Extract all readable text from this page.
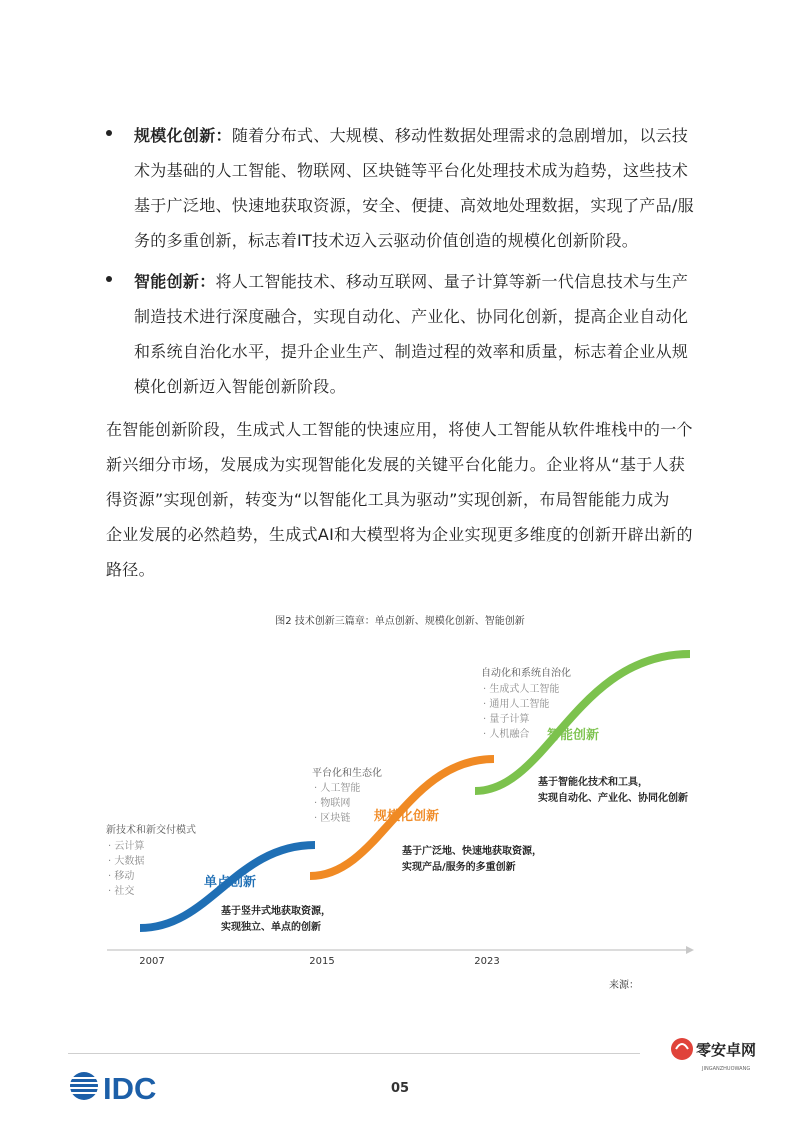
规模化创新：随着分布式、大规模、移动性数据处理需求的急剧增加，以云技
术为基础的人工智能、物联网、区块链等平台化处理技术成为趋势，这些技术
基于广泛地、快速地获取资源，安全、便捷、高效地处理数据，实现了产品/服
务的多重创新，标志着IT技术迈入云驱动价值创造的规模化创新阶段。
智能创新：将人工智能技术、移动互联网、量子计算等新一代信息技术与生产
制造技术进行深度融合，实现自动化、产业化、协同化创新，提高企业自动化
和系统自治化水平，提升企业生产、制造过程的效率和质量，标志着企业从规
模化创新迈入智能创新阶段。

在智能创新阶段，生成式人工智能的快速应用，将使人工智能从软件堆栈中的一个
新兴细分市场，发展成为实现智能化发展的关键平台化能力。企业将从“基于人获
得资源”实现创新，转变为“以智能化工具为驱动”实现创新，布局智能能力成为
企业发展的必然趋势，生成式AI和大模型将为企业实现更多维度的创新开辟出新的
路径。

图2 技术创新三篇章：单点创新、规模化创新、智能创新
2007	2015	2023
新技术和新交付模式
· 云计算
· 大数据
· 移动
· 社交
单点创新
基于竖井式地获取资源，
实现独立、单点的创新
平台化和生态化
· 人工智能
· 物联网
· 区块链 规模化创新
基于广泛地、快速地获取资源，
实现产品/服务的多重创新
自动化和系统自治化
· 生成式人工智能
· 通用人工智能
· 量子计算
· 人机融合 智能创新
基于智能化技术和工具，
实现自动化、产业化、协同化创新
来源：
IDC	05
零安卓网
JINGANZHUOWANG
